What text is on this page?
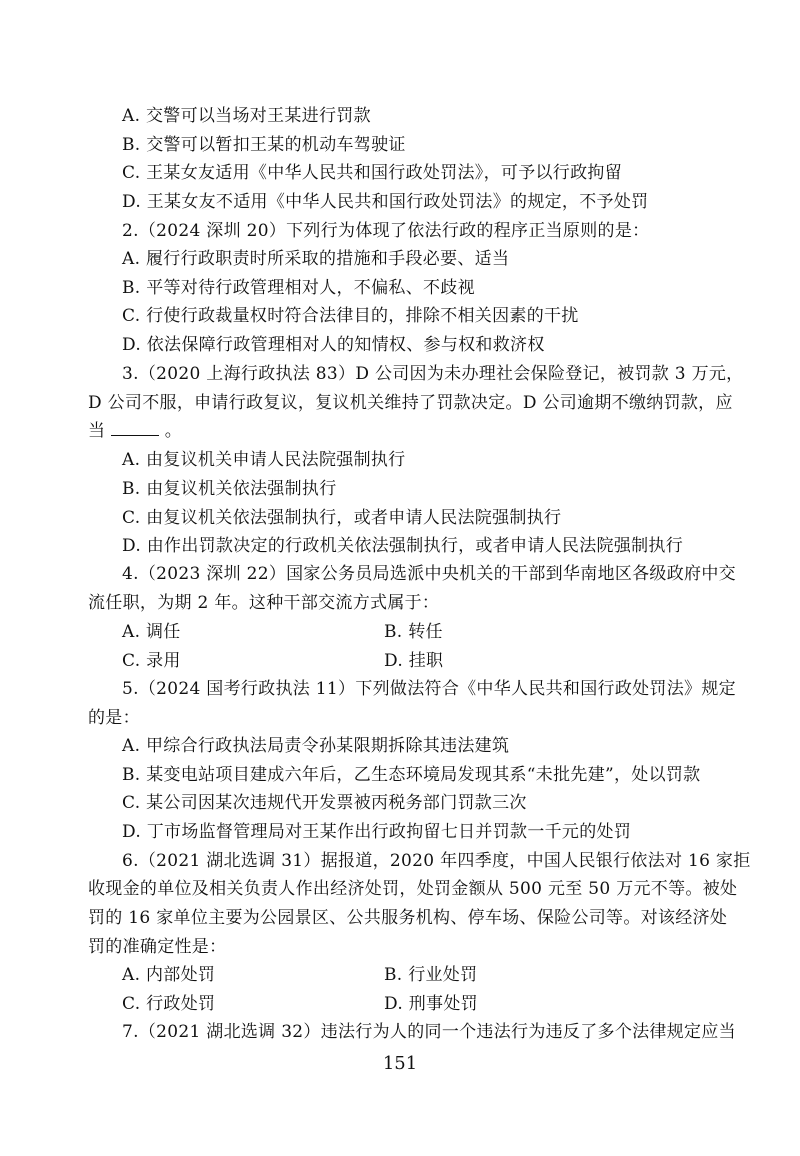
A. 交警可以当场对王某进行罚款
B. 交警可以暂扣王某的机动车驾驶证
C. 王某女友适用《中华人民共和国行政处罚法》，可予以行政拘留
D. 王某女友不适用《中华人民共和国行政处罚法》的规定，不予处罚
2.（2024 深圳 20）下列行为体现了依法行政的程序正当原则的是：
A. 履行行政职责时所采取的措施和手段必要、适当
B. 平等对待行政管理相对人，不偏私、不歧视
C. 行使行政裁量权时符合法律目的，排除不相关因素的干扰
D. 依法保障行政管理相对人的知情权、参与权和救济权
3.（2020 上海行政执法 83）D 公司因为未办理社会保险登记，被罚款 3 万元，
D 公司不服，申请行政复议，复议机关维持了罚款决定。D 公司逾期不缴纳罚款，应
当	。
A. 由复议机关申请人民法院强制执行
B. 由复议机关依法强制执行
C. 由复议机关依法强制执行，或者申请人民法院强制执行
D. 由作出罚款决定的行政机关依法强制执行，或者申请人民法院强制执行
4.（2023 深圳 22）国家公务员局选派中央机关的干部到华南地区各级政府中交
流任职，为期 2 年。这种干部交流方式属于：
A. 调任	B. 转任
C. 录用	D. 挂职
5.（2024 国考行政执法 11）下列做法符合《中华人民共和国行政处罚法》规定
的是：
A. 甲综合行政执法局责令孙某限期拆除其违法建筑
B. 某变电站项目建成六年后，乙生态环境局发现其系“未批先建”，处以罚款
C. 某公司因某次违规代开发票被丙税务部门罚款三次
D. 丁市场监督管理局对王某作出行政拘留七日并罚款一千元的处罚
6.（2021 湖北选调 31）据报道，2020 年四季度，中国人民银行依法对 16 家拒
收现金的单位及相关负责人作出经济处罚，处罚金额从 500 元至 50 万元不等。被处
罚的 16 家单位主要为公园景区、公共服务机构、停车场、保险公司等。对该经济处
罚的准确定性是：
A. 内部处罚	B. 行业处罚
C. 行政处罚	D. 刑事处罚
7.（2021 湖北选调 32）违法行为人的同一个违法行为违反了多个法律规定应当
151
